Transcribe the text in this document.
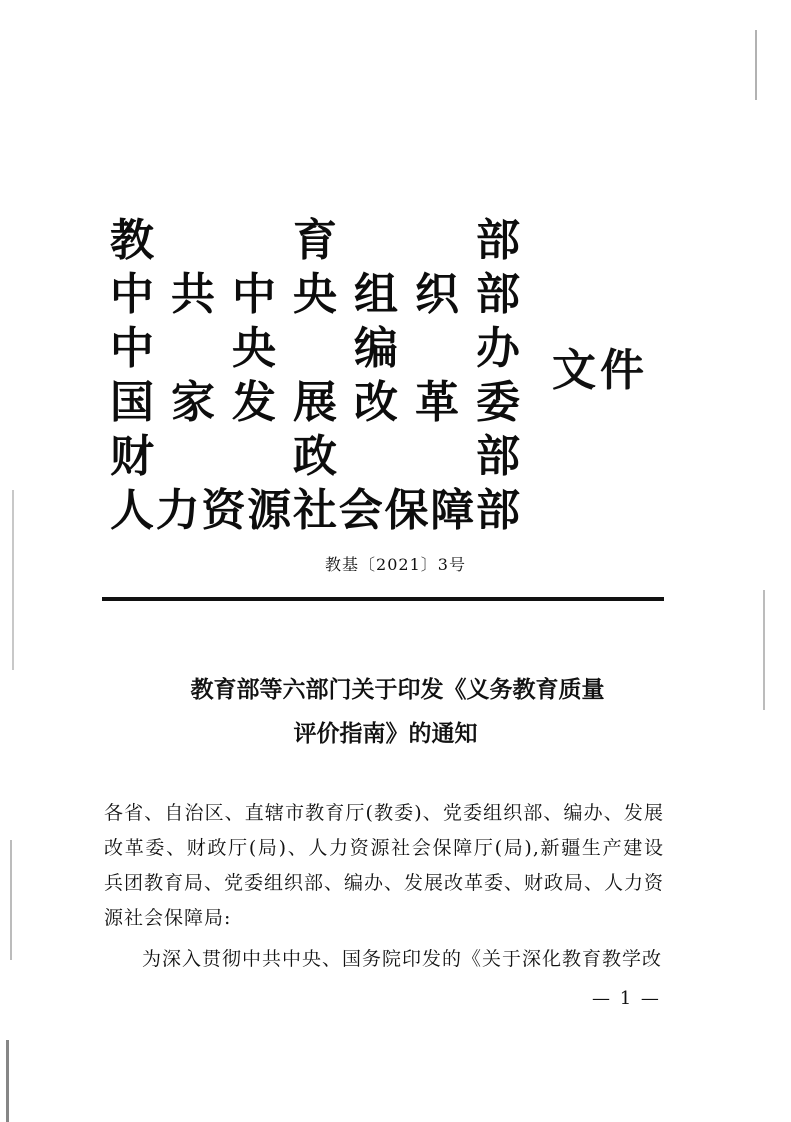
教	育	部
中 共 中 央 组 织 部
中 央 编 办
国 家 发 展 改 革 委
财	政	部
人 力 资 源 社 会 保 障 部
文件
教基〔2021〕3号
教育部等六部门关于印发《义务教育质量
评价指南》的通知

各省、自治区、直辖市教育厅(教委)、党委组织部、编办、发展改革委、财政厅(局)、人力资源社会保障厅(局),新疆生产建设兵团教育局、党委组织部、编办、发展改革委、财政局、人力资源社会保障局:

为深入贯彻中共中央、国务院印发的《关于深化教育教学改

— 1 —
